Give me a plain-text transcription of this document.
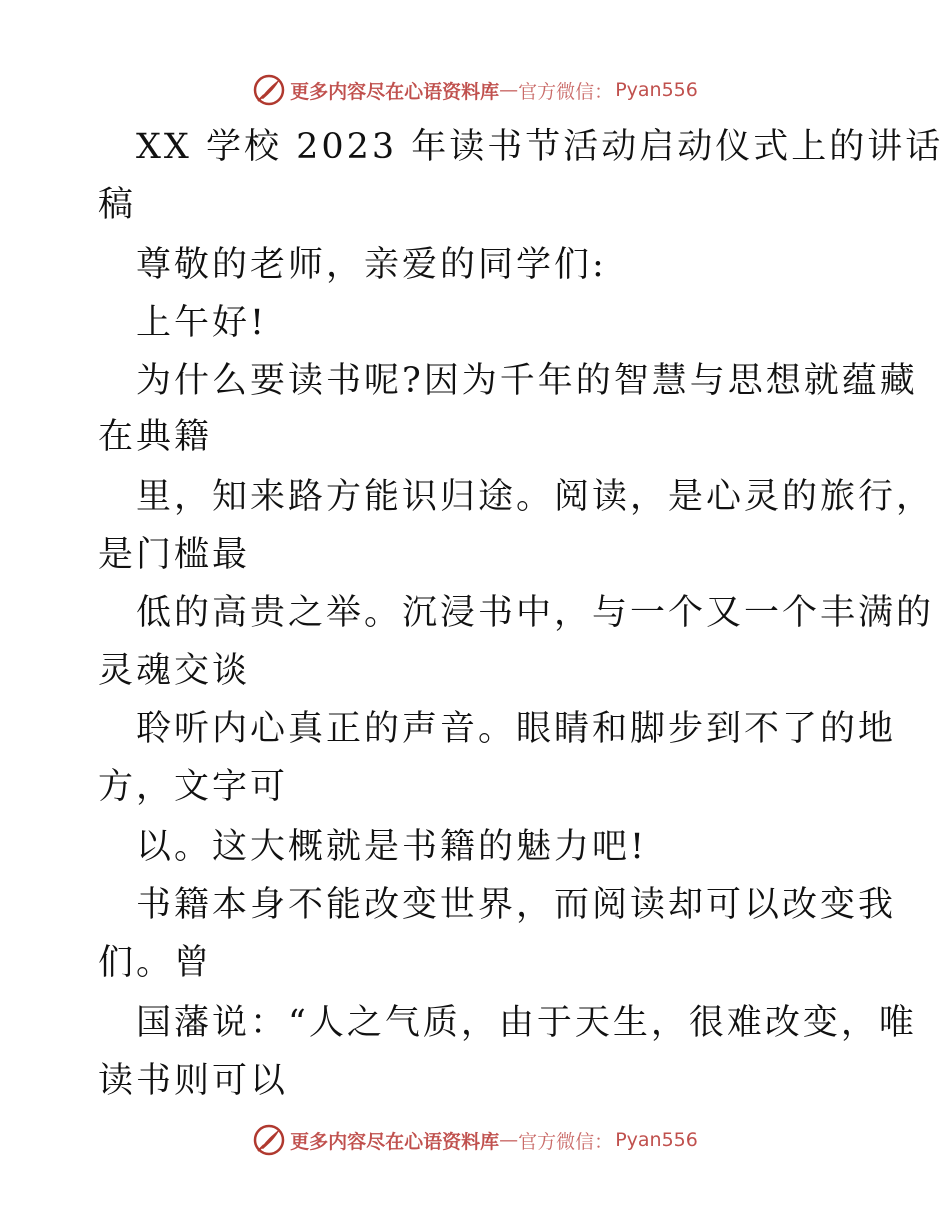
更多内容尽在心语资料库 — 官方微信： Pyan556
XX 学校 2023 年读书节活动启动仪式上的讲话
稿
尊敬的老师，亲爱的同学们:
上午好!
为什么要读书呢?因为千年的智慧与思想就蕴藏
在典籍
里，知来路方能识归途。阅读，是心灵的旅行，
是门槛最
低的高贵之举。沉浸书中，与一个又一个丰满的
灵魂交谈
聆听内心真正的声音。眼睛和脚步到不了的地
方，文字可
以。这大概就是书籍的魅力吧!
书籍本身不能改变世界，而阅读却可以改变我
们。曾
国藩说：“人之气质，由于天生，很难改变，唯
读书则可以
更多内容尽在心语资料库 — 官方微信： Pyan556
